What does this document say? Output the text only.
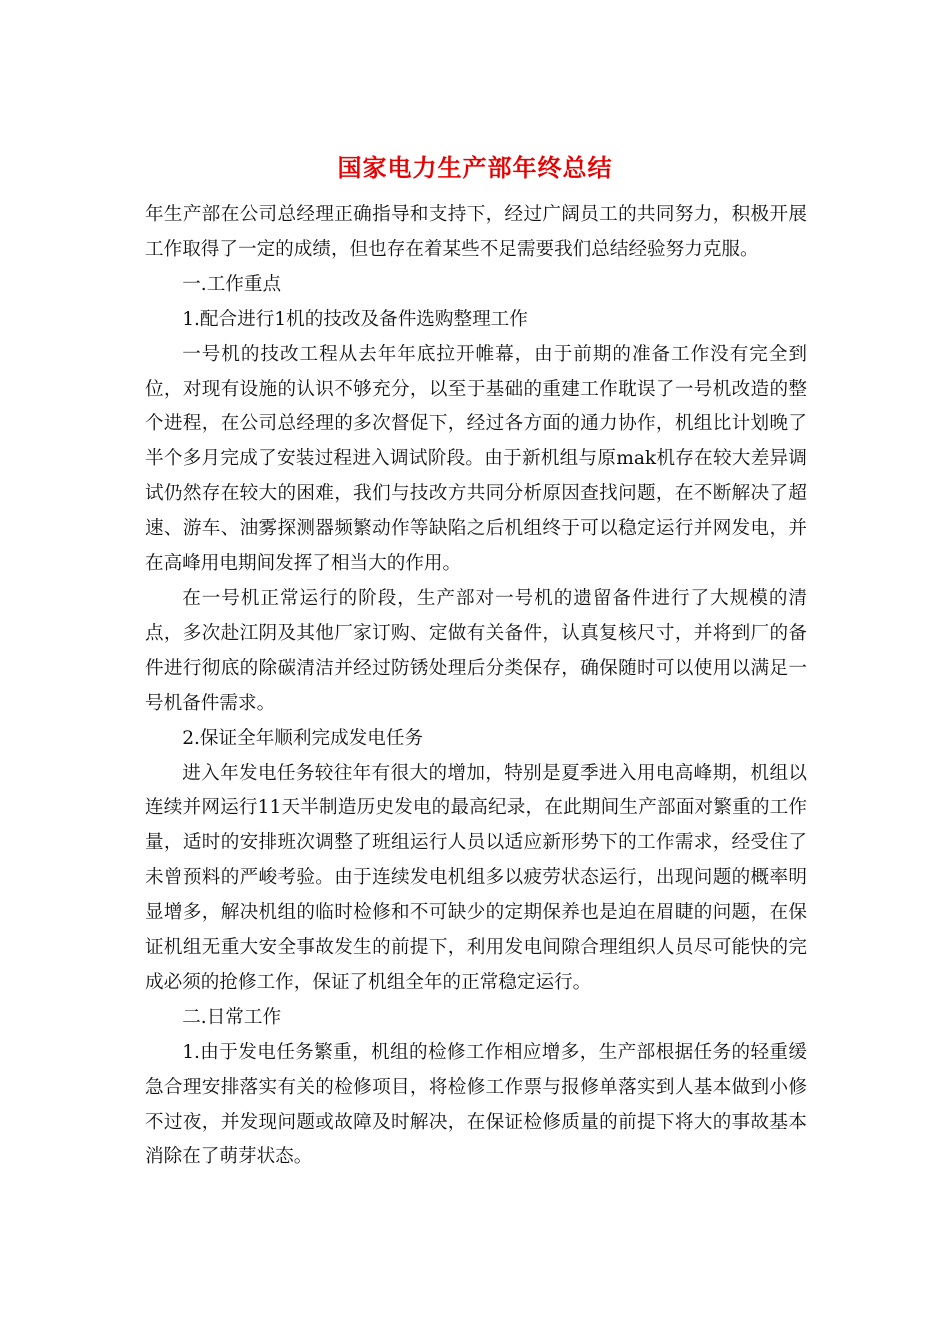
国家电力生产部年终总结

年生产部在公司总经理正确指导和支持下，经过广阔员工的共同努力，积极开展工作取得了一定的成绩，但也存在着某些不足需要我们总结经验努力克服。

一.工作重点

1.配合进行1机的技改及备件选购整理工作

一号机的技改工程从去年年底拉开帷幕，由于前期的准备工作没有完全到位，对现有设施的认识不够充分，以至于基础的重建工作耽误了一号机改造的整个进程，在公司总经理的多次督促下，经过各方面的通力协作，机组比计划晚了半个多月完成了安装过程进入调试阶段。由于新机组与原mak机存在较大差异调试仍然存在较大的困难，我们与技改方共同分析原因查找问题，在不断解决了超速、游车、油雾探测器频繁动作等缺陷之后机组终于可以稳定运行并网发电，并在高峰用电期间发挥了相当大的作用。

在一号机正常运行的阶段，生产部对一号机的遗留备件进行了大规模的清点，多次赴江阴及其他厂家订购、定做有关备件，认真复核尺寸，并将到厂的备件进行彻底的除碳清洁并经过防锈处理后分类保存，确保随时可以使用以满足一号机备件需求。

2.保证全年顺利完成发电任务

进入年发电任务较往年有很大的增加，特别是夏季进入用电高峰期，机组以连续并网运行11天半制造历史发电的最高纪录，在此期间生产部面对繁重的工作量，适时的安排班次调整了班组运行人员以适应新形势下的工作需求，经受住了未曾预料的严峻考验。由于连续发电机组多以疲劳状态运行，出现问题的概率明显增多，解决机组的临时检修和不可缺少的定期保养也是迫在眉睫的问题，在保证机组无重大安全事故发生的前提下，利用发电间隙合理组织人员尽可能快的完成必须的抢修工作，保证了机组全年的正常稳定运行。

二.日常工作

1.由于发电任务繁重，机组的检修工作相应增多，生产部根据任务的轻重缓急合理安排落实有关的检修项目，将检修工作票与报修单落实到人基本做到小修不过夜，并发现问题或故障及时解决，在保证检修质量的前提下将大的事故基本消除在了萌芽状态。
